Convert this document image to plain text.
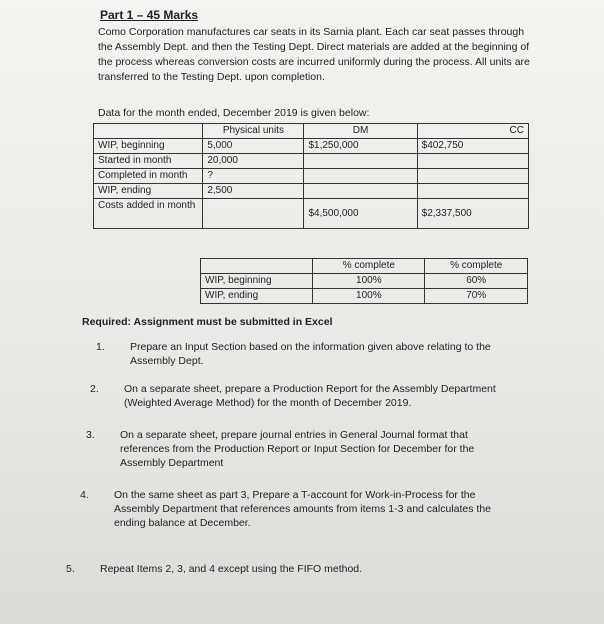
Part 1 – 45 Marks
Como Corporation manufactures car seats in its Sarnia plant. Each car seat passes through the Assembly Dept. and then the Testing Dept. Direct materials are added at the beginning of the process whereas conversion costs are incurred uniformly during the process. All units are transferred to the Testing Dept. upon completion.
Data for the month ended, December 2019 is given below:
	Physical units	DM	CC
WIP, beginning	5,000	$1,250,000	$402,750
Started in month	20,000		
Completed in month	?		
WIP, ending	2,500		
Costs added in month		$4,500,000	$2,337,500
	% complete	% complete
WIP, beginning	100%	60%
WIP, ending	100%	70%
Required: Assignment must be submitted in Excel
1. Prepare an Input Section based on the information given above relating to the Assembly Dept.
2. On a separate sheet, prepare a Production Report for the Assembly Department (Weighted Average Method) for the month of December 2019.
3. On a separate sheet, prepare journal entries in General Journal format that references from the Production Report or Input Section for December for the Assembly Department
4. On the same sheet as part 3, Prepare a T-account for Work-in-Process for the Assembly Department that references amounts from items 1-3 and calculates the ending balance at December.
5. Repeat Items 2, 3, and 4 except using the FIFO method.
